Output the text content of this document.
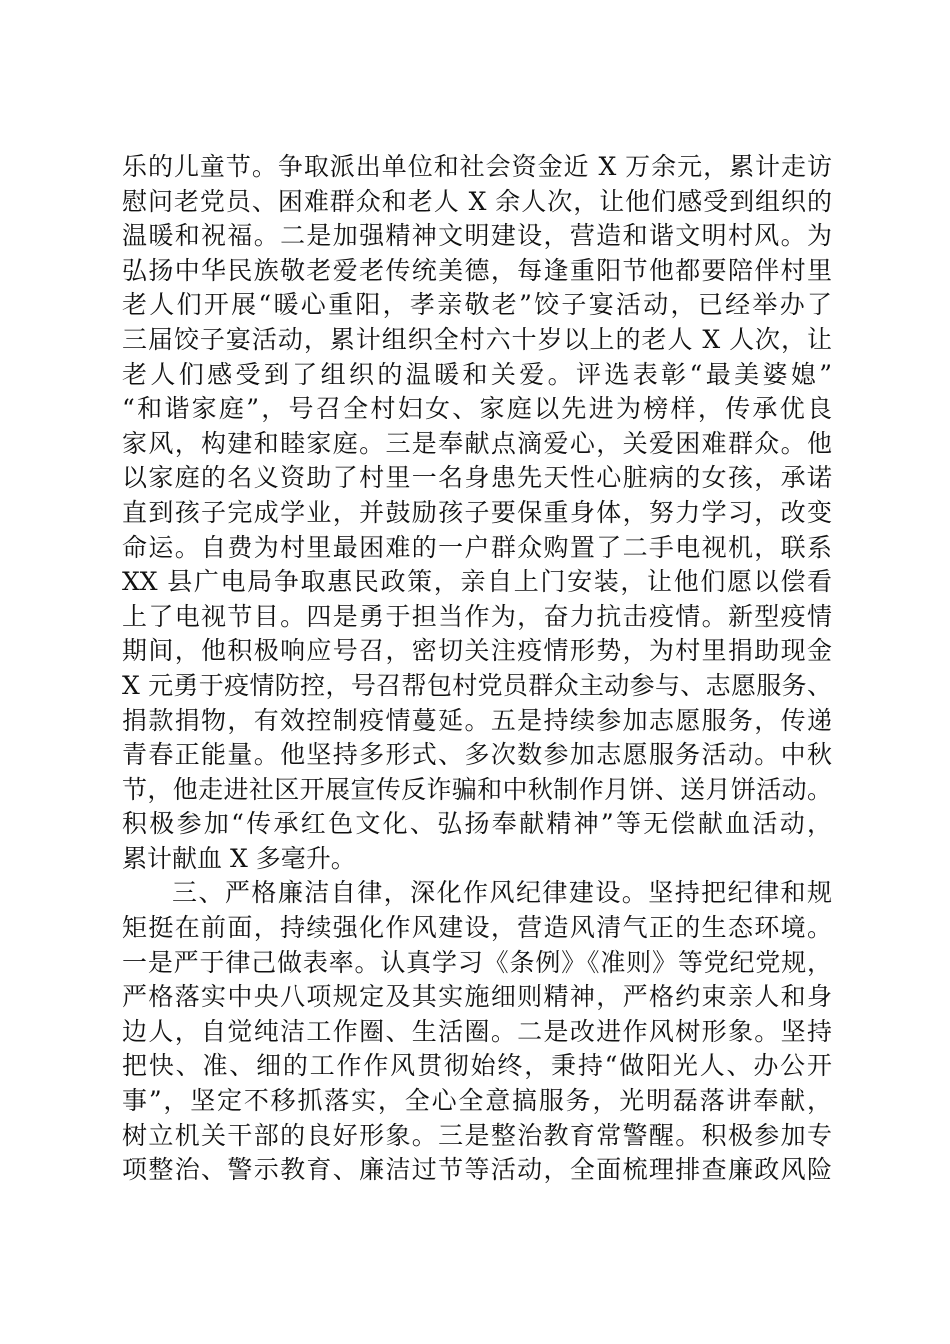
乐的儿童节。争取派出单位和社会资金近 X 万余元，累计走访
慰问老党员、困难群众和老人 X 余人次，让他们感受到组织的
温暖和祝福。二是加强精神文明建设，营造和谐文明村风。为
弘扬中华民族敬老爱老传统美德，每逢重阳节他都要陪伴村里
老人们开展“暖心重阳，孝亲敬老”饺子宴活动，已经举办了
三届饺子宴活动，累计组织全村六十岁以上的老人 X 人次，让
老人们感受到了组织的温暖和关爱。评选表彰“最美婆媳”
“和谐家庭”，号召全村妇女、家庭以先进为榜样，传承优良
家风，构建和睦家庭。三是奉献点滴爱心，关爱困难群众。他
以家庭的名义资助了村里一名身患先天性心脏病的女孩，承诺
直到孩子完成学业，并鼓励孩子要保重身体，努力学习，改变
命运。自费为村里最困难的一户群众购置了二手电视机，联系
XX 县广电局争取惠民政策，亲自上门安装，让他们愿以偿看
上了电视节目。四是勇于担当作为，奋力抗击疫情。新型疫情
期间，他积极响应号召，密切关注疫情形势，为村里捐助现金
X 元勇于疫情防控，号召帮包村党员群众主动参与、志愿服务、
捐款捐物，有效控制疫情蔓延。五是持续参加志愿服务，传递
青春正能量。他坚持多形式、多次数参加志愿服务活动。中秋
节，他走进社区开展宣传反诈骗和中秋制作月饼、送月饼活动。
积极参加“传承红色文化、弘扬奉献精神”等无偿献血活动，
累计献血 X 多毫升。
三、严格廉洁自律，深化作风纪律建设。坚持把纪律和规
矩挺在前面，持续强化作风建设，营造风清气正的生态环境。
一是严于律己做表率。认真学习《条例》《准则》等党纪党规，
严格落实中央八项规定及其实施细则精神，严格约束亲人和身
边人，自觉纯洁工作圈、生活圈。二是改进作风树形象。坚持
把快、准、细的工作作风贯彻始终，秉持“做阳光人、办公开
事”，坚定不移抓落实，全心全意搞服务，光明磊落讲奉献，
树立机关干部的良好形象。三是整治教育常警醒。积极参加专
项整治、警示教育、廉洁过节等活动，全面梳理排查廉政风险
